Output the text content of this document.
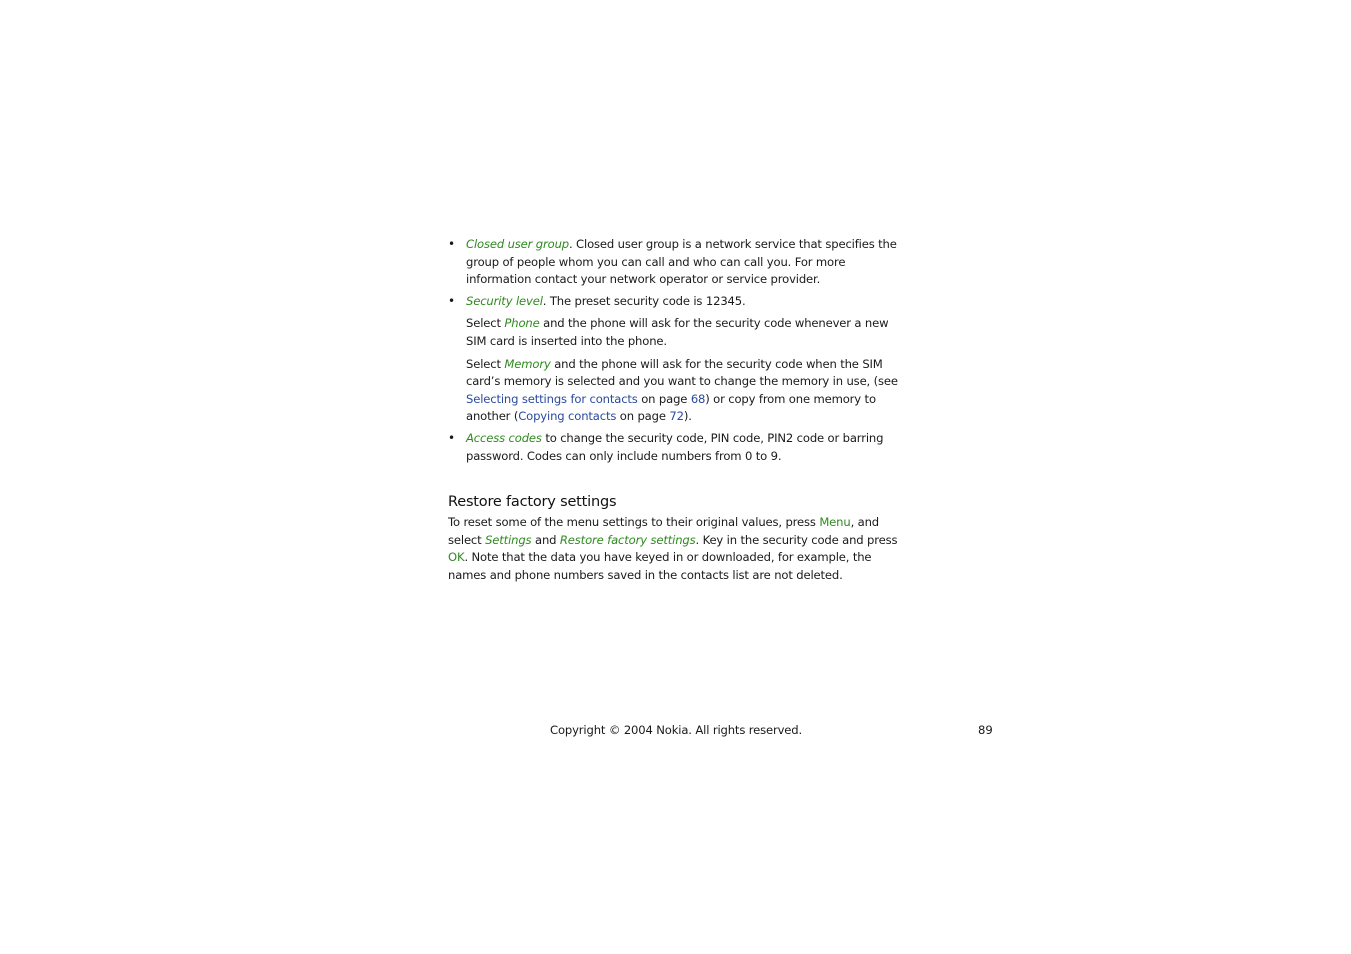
• Closed user group. Closed user group is a network service that specifies the group of people whom you can call and who can call you. For more information contact your network operator or service provider.
• Security level. The preset security code is 12345.

Select Phone and the phone will ask for the security code whenever a new SIM card is inserted into the phone.

Select Memory and the phone will ask for the security code when the SIM card’s memory is selected and you want to change the memory in use, (see Selecting settings for contacts on page 68) or copy from one memory to another (Copying contacts on page 72).

• Access codes to change the security code, PIN code, PIN2 code or barring password. Codes can only include numbers from 0 to 9.
Restore factory settings

To reset some of the menu settings to their original values, press Menu, and select Settings and Restore factory settings. Key in the security code and press OK. Note that the data you have keyed in or downloaded, for example, the names and phone numbers saved in the contacts list are not deleted.

Copyright © 2004 Nokia. All rights reserved.	89
